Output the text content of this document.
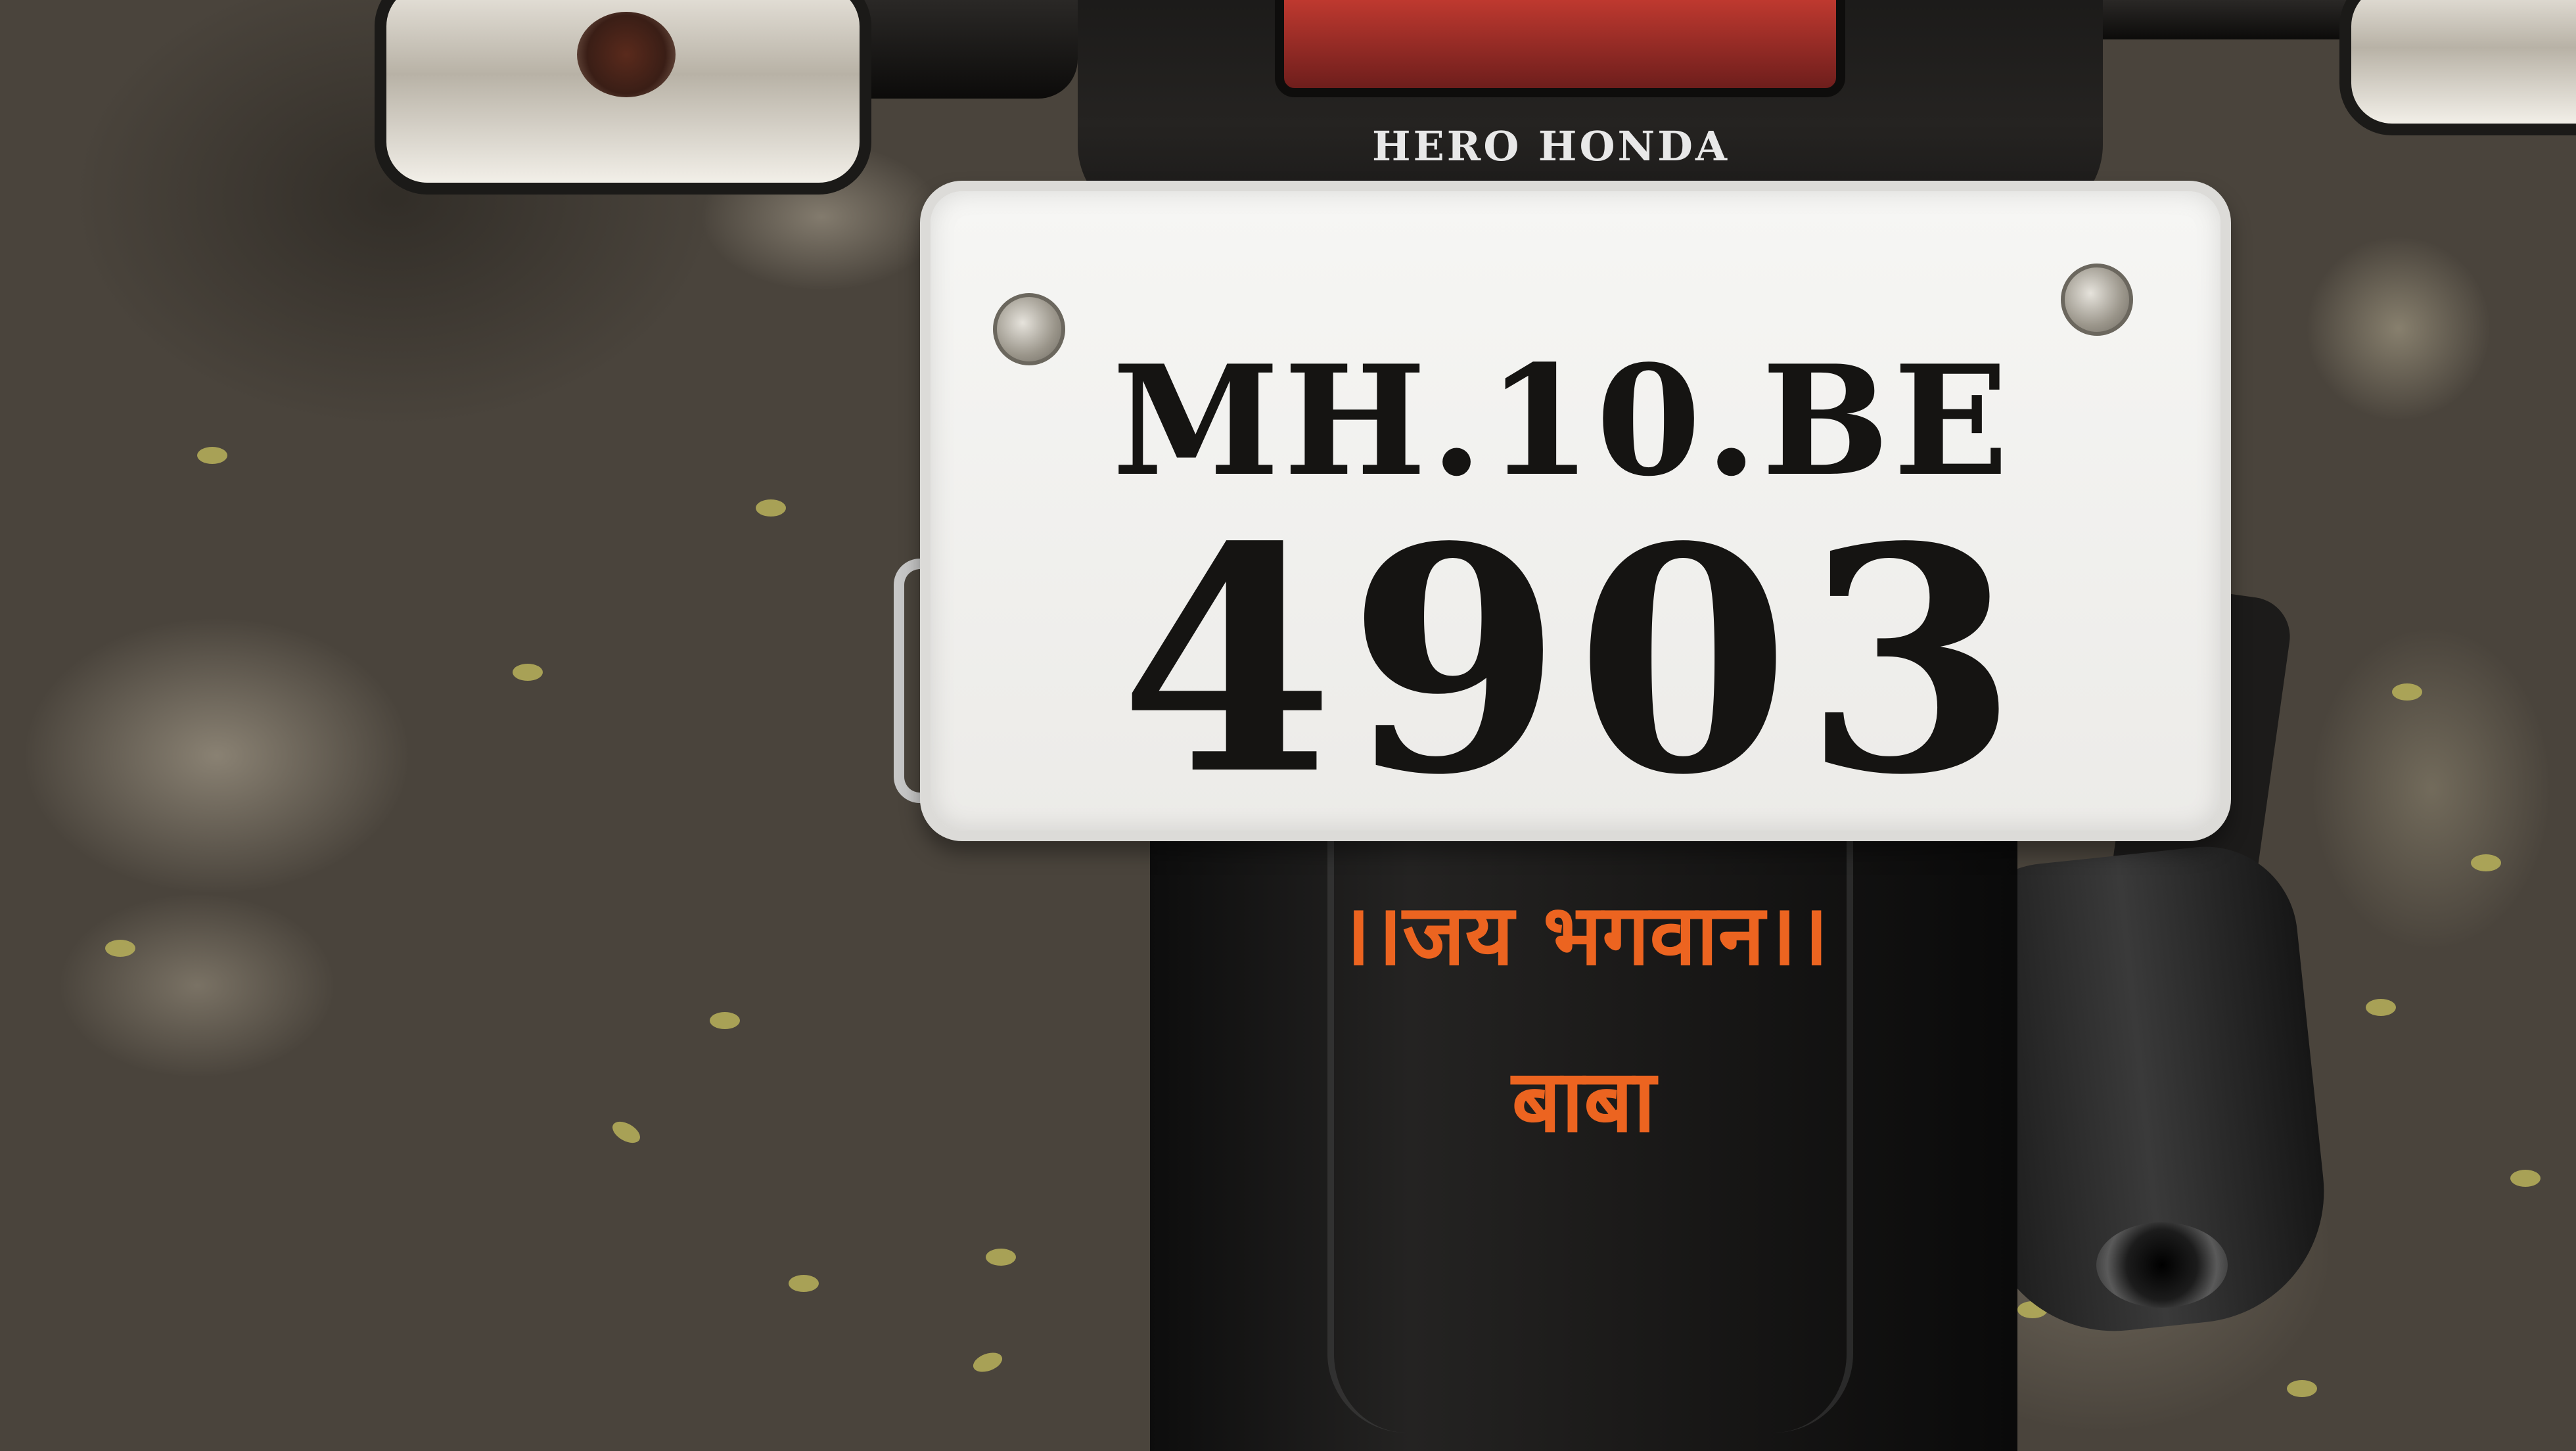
।।जय भगवान।।
बाबा
HERO HONDA
MH.10.BE
4903
